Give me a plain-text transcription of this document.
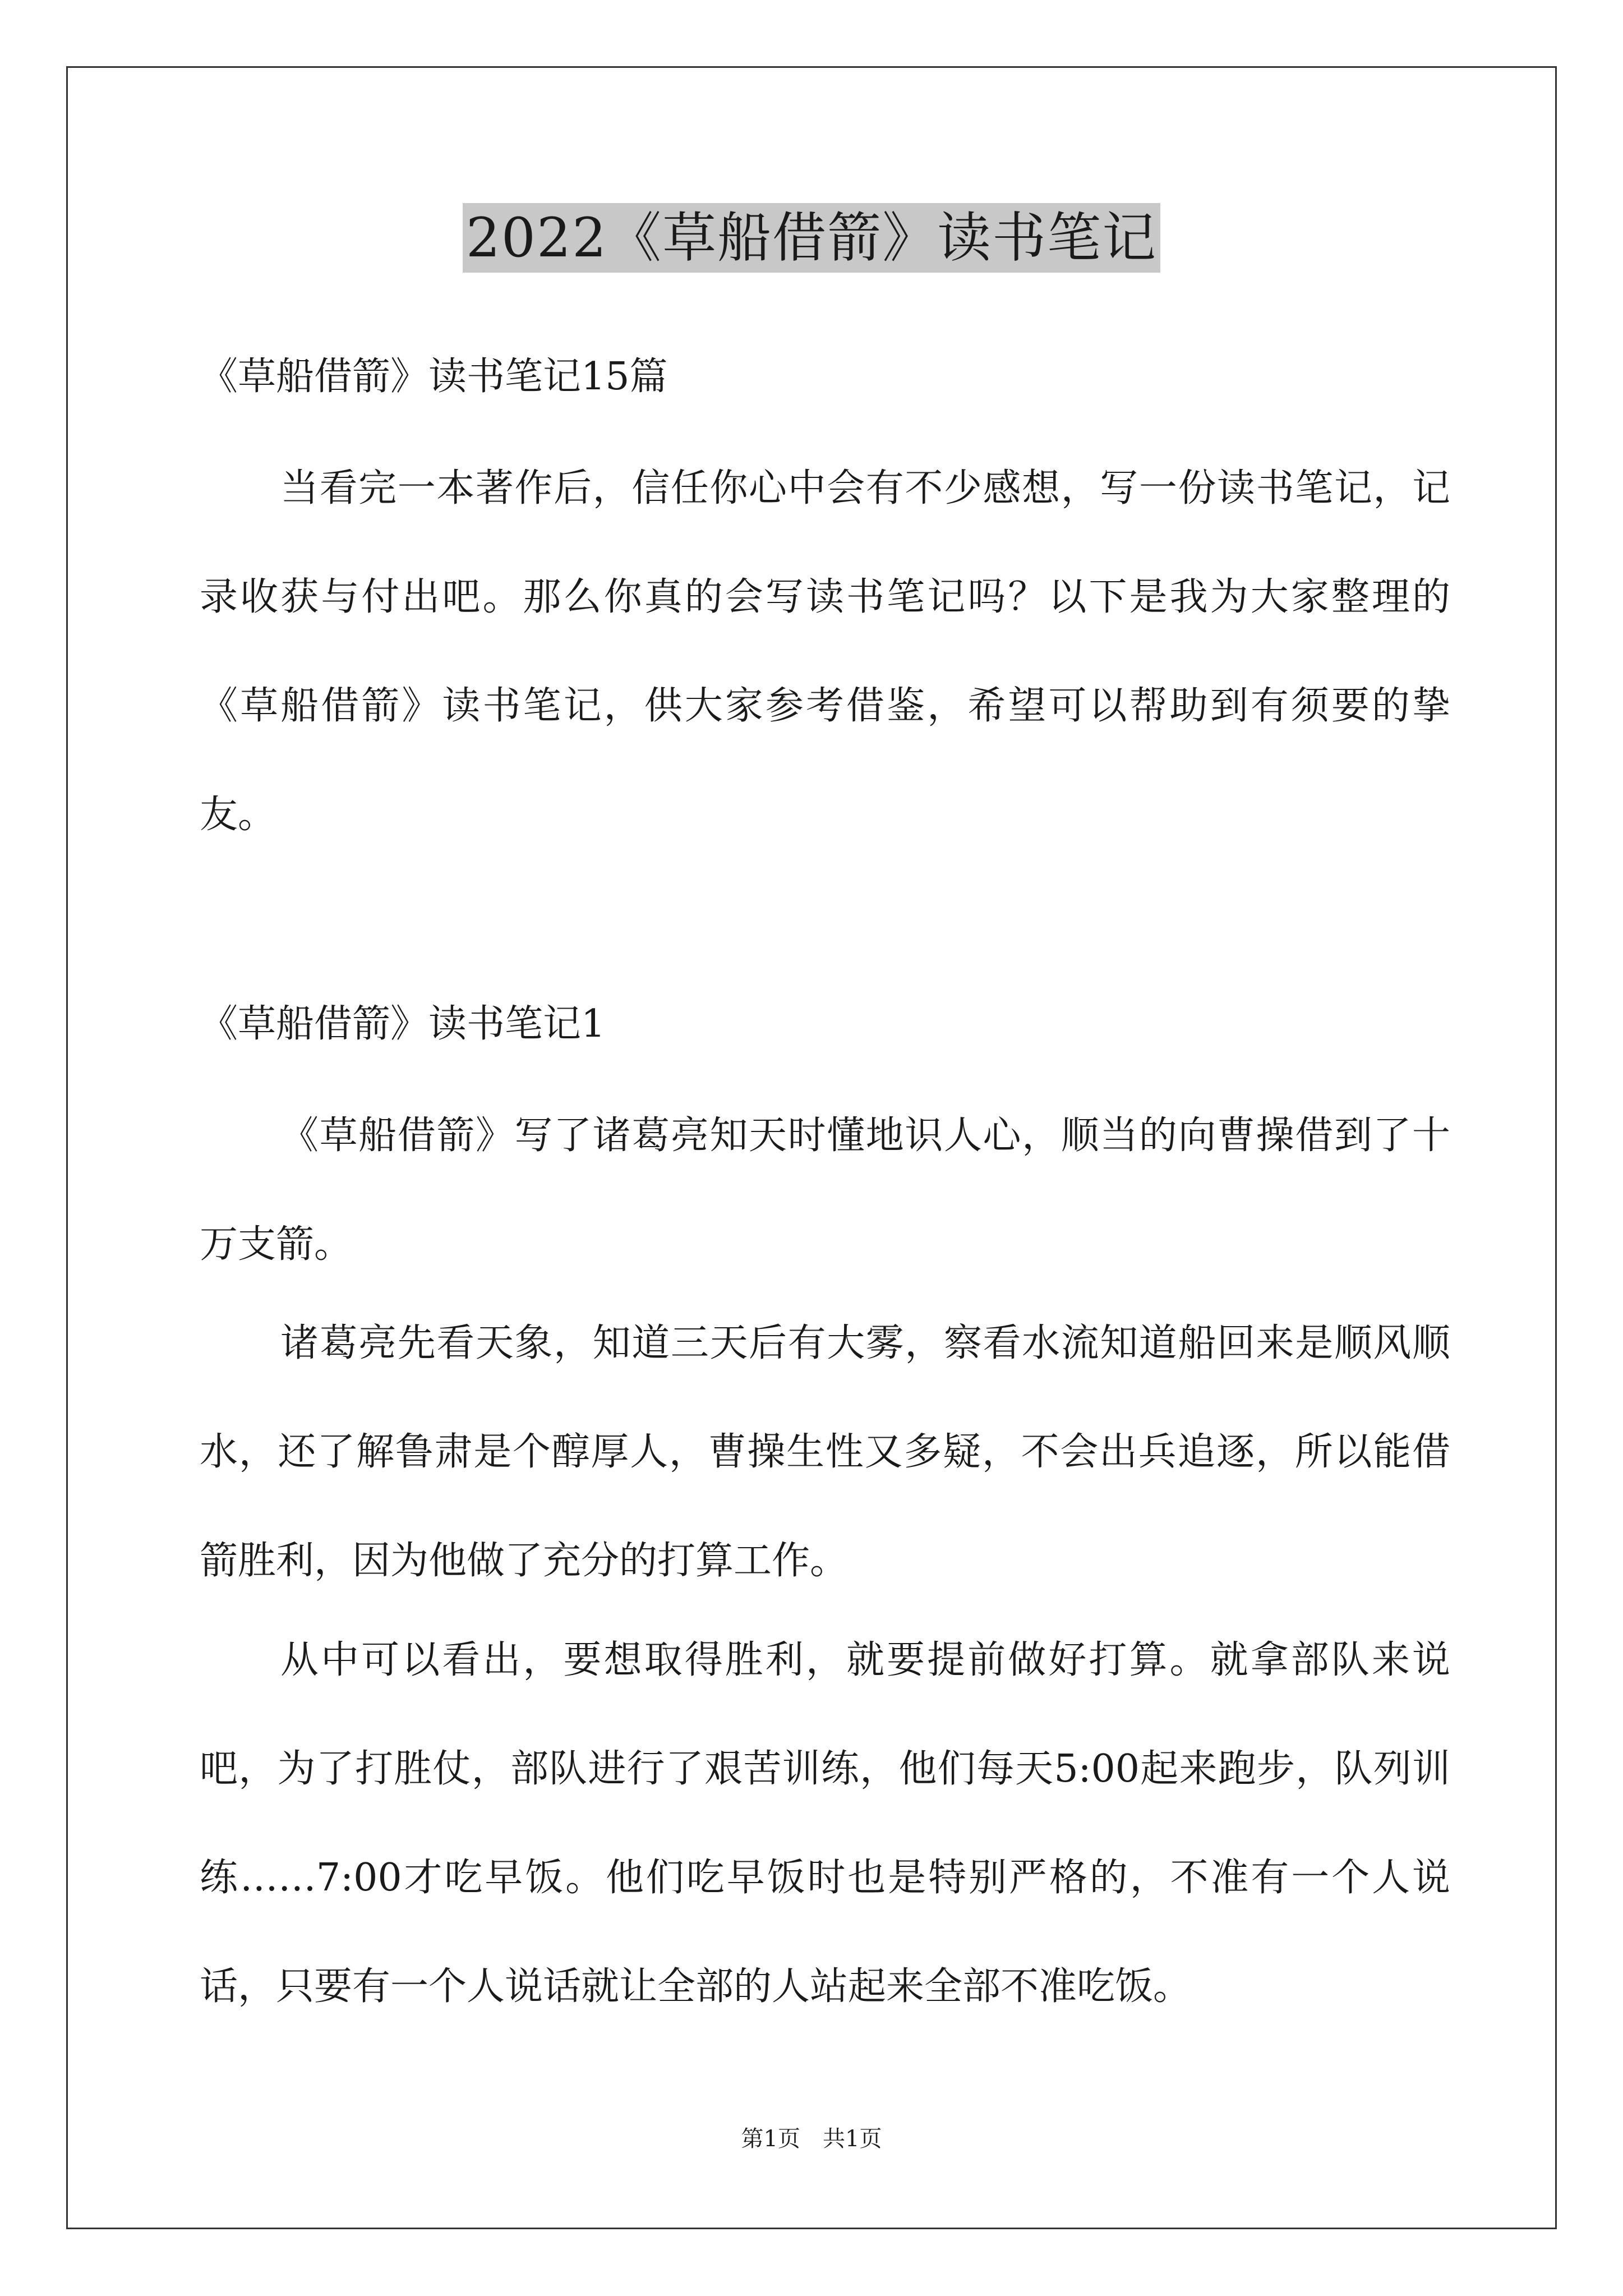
2022《草船借箭》读书笔记
《草船借箭》读书笔记15篇
当看完一本著作后，信任你心中会有不少感想，写一份读书笔记，记录收获与付出吧。那么你真的会写读书笔记吗？以下是我为大家整理的《草船借箭》读书笔记，供大家参考借鉴，希望可以帮助到有须要的挚友。
《草船借箭》读书笔记1
《草船借箭》写了诸葛亮知天时懂地识人心，顺当的向曹操借到了十万支箭。
诸葛亮先看天象，知道三天后有大雾，察看水流知道船回来是顺风顺水，还了解鲁肃是个醇厚人，曹操生性又多疑，不会出兵追逐，所以能借箭胜利，因为他做了充分的打算工作。
从中可以看出，要想取得胜利，就要提前做好打算。就拿部队来说吧，为了打胜仗，部队进行了艰苦训练，他们每天5:00起来跑步，队列训练……7:00才吃早饭。他们吃早饭时也是特别严格的，不准有一个人说话，只要有一个人说话就让全部的人站起来全部不准吃饭。
第1页　共1页
